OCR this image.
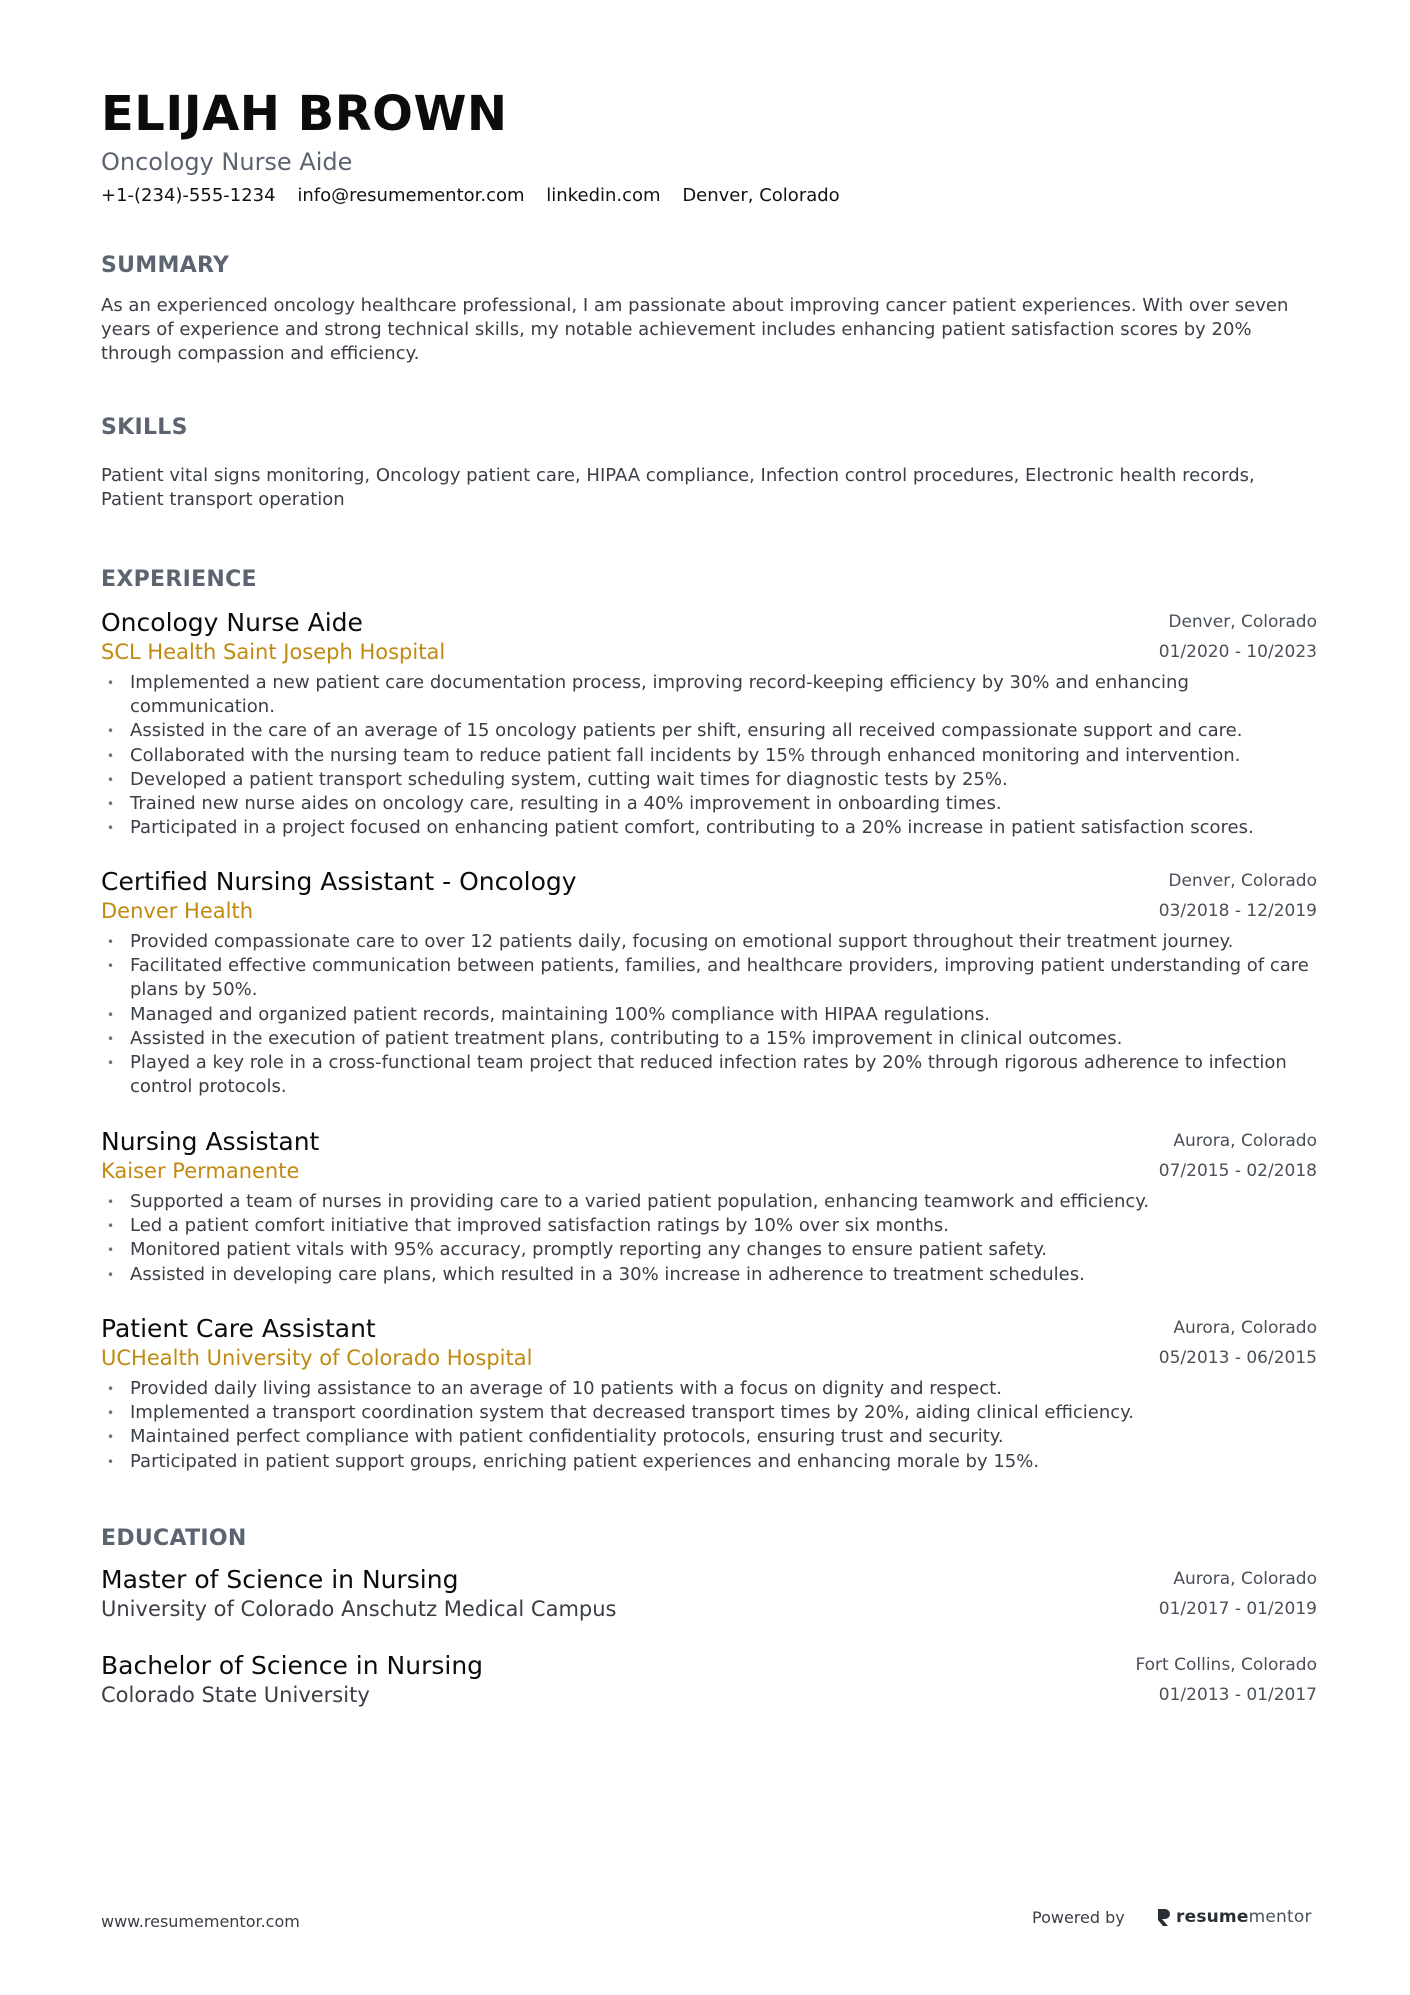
ELIJAH BROWN
Oncology Nurse Aide
+1-(234)-555-1234 info@resumementor.com linkedin.com Denver, Colorado
SUMMARY
As an experienced oncology healthcare professional, I am passionate about improving cancer patient experiences. With over seven years of experience and strong technical skills, my notable achievement includes enhancing patient satisfaction scores by 20% through compassion and efficiency.
SKILLS
Patient vital signs monitoring, Oncology patient care, HIPAA compliance, Infection control procedures, Electronic health records, Patient transport operation
EXPERIENCE
Oncology Nurse Aide
SCL Health Saint Joseph Hospital
Denver, Colorado
01/2020 - 10/2023
• Implemented a new patient care documentation process, improving record-keeping efficiency by 30% and enhancing communication.
• Assisted in the care of an average of 15 oncology patients per shift, ensuring all received compassionate support and care.
• Collaborated with the nursing team to reduce patient fall incidents by 15% through enhanced monitoring and intervention.
• Developed a patient transport scheduling system, cutting wait times for diagnostic tests by 25%.
• Trained new nurse aides on oncology care, resulting in a 40% improvement in onboarding times.
• Participated in a project focused on enhancing patient comfort, contributing to a 20% increase in patient satisfaction scores.
Certified Nursing Assistant - Oncology
Denver Health
Denver, Colorado
03/2018 - 12/2019
• Provided compassionate care to over 12 patients daily, focusing on emotional support throughout their treatment journey.
• Facilitated effective communication between patients, families, and healthcare providers, improving patient understanding of care plans by 50%.
• Managed and organized patient records, maintaining 100% compliance with HIPAA regulations.
• Assisted in the execution of patient treatment plans, contributing to a 15% improvement in clinical outcomes.
• Played a key role in a cross-functional team project that reduced infection rates by 20% through rigorous adherence to infection control protocols.
Nursing Assistant
Kaiser Permanente
Aurora, Colorado
07/2015 - 02/2018
• Supported a team of nurses in providing care to a varied patient population, enhancing teamwork and efficiency.
• Led a patient comfort initiative that improved satisfaction ratings by 10% over six months.
• Monitored patient vitals with 95% accuracy, promptly reporting any changes to ensure patient safety.
• Assisted in developing care plans, which resulted in a 30% increase in adherence to treatment schedules.
Patient Care Assistant
UCHealth University of Colorado Hospital
Aurora, Colorado
05/2013 - 06/2015
• Provided daily living assistance to an average of 10 patients with a focus on dignity and respect.
• Implemented a transport coordination system that decreased transport times by 20%, aiding clinical efficiency.
• Maintained perfect compliance with patient confidentiality protocols, ensuring trust and security.
• Participated in patient support groups, enriching patient experiences and enhancing morale by 15%.
EDUCATION
Master of Science in Nursing
University of Colorado Anschutz Medical Campus
Aurora, Colorado
01/2017 - 01/2019
Bachelor of Science in Nursing
Colorado State University
Fort Collins, Colorado
01/2013 - 01/2017
www.resumementor.com	Powered by	resumementor
